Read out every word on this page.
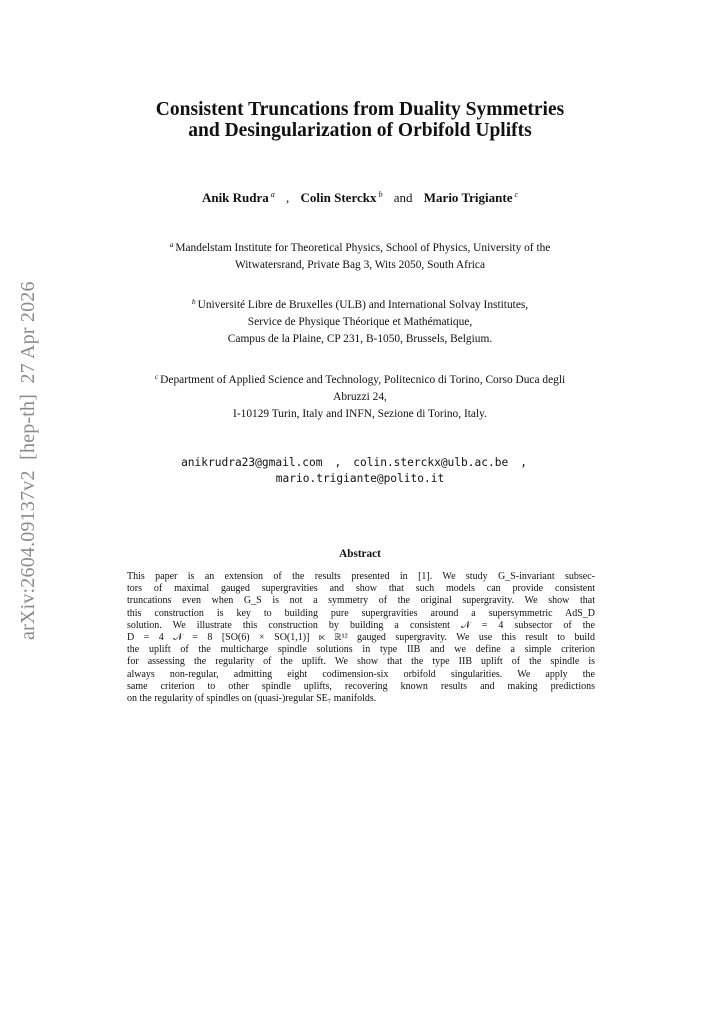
arXiv:2604.09137v2  [hep-th]  27 Apr 2026
Consistent Truncations from Duality Symmetries
and Desingularization of Orbifold Uplifts
Anik Rudra $^a$ , Colin Sterckx $^b$ and Mario Trigiante $^c$
$^a$ Mandelstam Institute for Theoretical Physics, School of Physics, University of the
Witwatersrand, Private Bag 3, Wits 2050, South Africa
$^b$ Université Libre de Bruxelles (ULB) and International Solvay Institutes,
Service de Physique Théorique et Mathématique,
Campus de la Plaine, CP 231, B-1050, Brussels, Belgium.
$^c$ Department of Applied Science and Technology, Politecnico di Torino, Corso Duca degli
Abruzzi 24,
I-10129 Turin, Italy and INFN, Sezione di Torino, Italy.
anikrudra23@gmail.com , colin.sterckx@ulb.ac.be ,
mario.trigiante@polito.it
Abstract
This paper is an extension of the results presented in [1]. We study G_S-invariant subsec-
tors of maximal gauged supergravities and show that such models can provide consistent
truncations even when G_S is not a symmetry of the original supergravity. We show that
this construction is key to building pure supergravities around a supersymmetric AdS_D
solution. We illustrate this construction by building a consistent 𝒩 = 4 subsector of the
D = 4 𝒩 = 8 [SO(6) × SO(1,1)] ⋉ ℝ¹² gauged supergravity. We use this result to build
the uplift of the multicharge spindle solutions in type IIB and we define a simple criterion
for assessing the regularity of the uplift. We show that the type IIB uplift of the spindle is
always non-regular, admitting eight codimension-six orbifold singularities. We apply the
same criterion to other spindle uplifts, recovering known results and making predictions
on the regularity of spindles on (quasi-)regular SE₇ manifolds.
